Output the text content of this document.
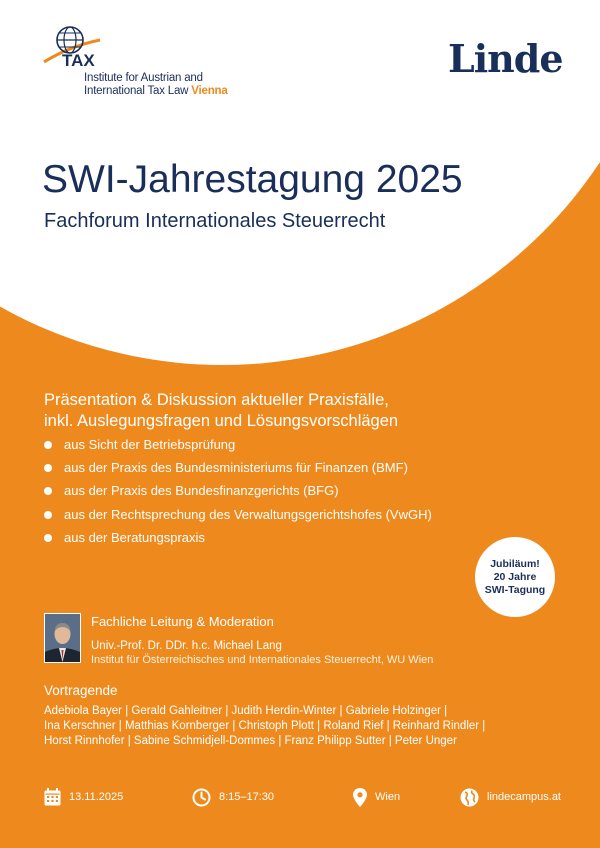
TAX
Institute for Austrian and
International Tax Law Vienna
Linde
SWI-Jahrestagung 2025
Fachforum Internationales Steuerrecht
Präsentation & Diskussion aktueller Praxisfälle,
inkl. Auslegungsfragen und Lösungsvorschlägen
aus Sicht der Betriebsprüfung
aus der Praxis des Bundesministeriums für Finanzen (BMF)
aus der Praxis des Bundesfinanzgerichts (BFG)
aus der Rechtsprechung des Verwaltungsgerichtshofes (VwGH)
aus der Beratungspraxis
Jubiläum!
20 Jahre
SWI-Tagung
Fachliche Leitung & Moderation
Univ.-Prof. Dr. DDr. h.c. Michael Lang
Institut für Österreichisches und Internationales Steuerrecht, WU Wien
Vortragende
Adebiola Bayer | Gerald Gahleitner | Judith Herdin-Winter | Gabriele Holzinger |
Ina Kerschner | Matthias Kornberger | Christoph Plott | Roland Rief | Reinhard Rindler |
Horst Rinnhofer | Sabine Schmidjell-Dommes | Franz Philipp Sutter | Peter Unger
13.11.2025	8:15–17:30	Wien	lindecampus.at
